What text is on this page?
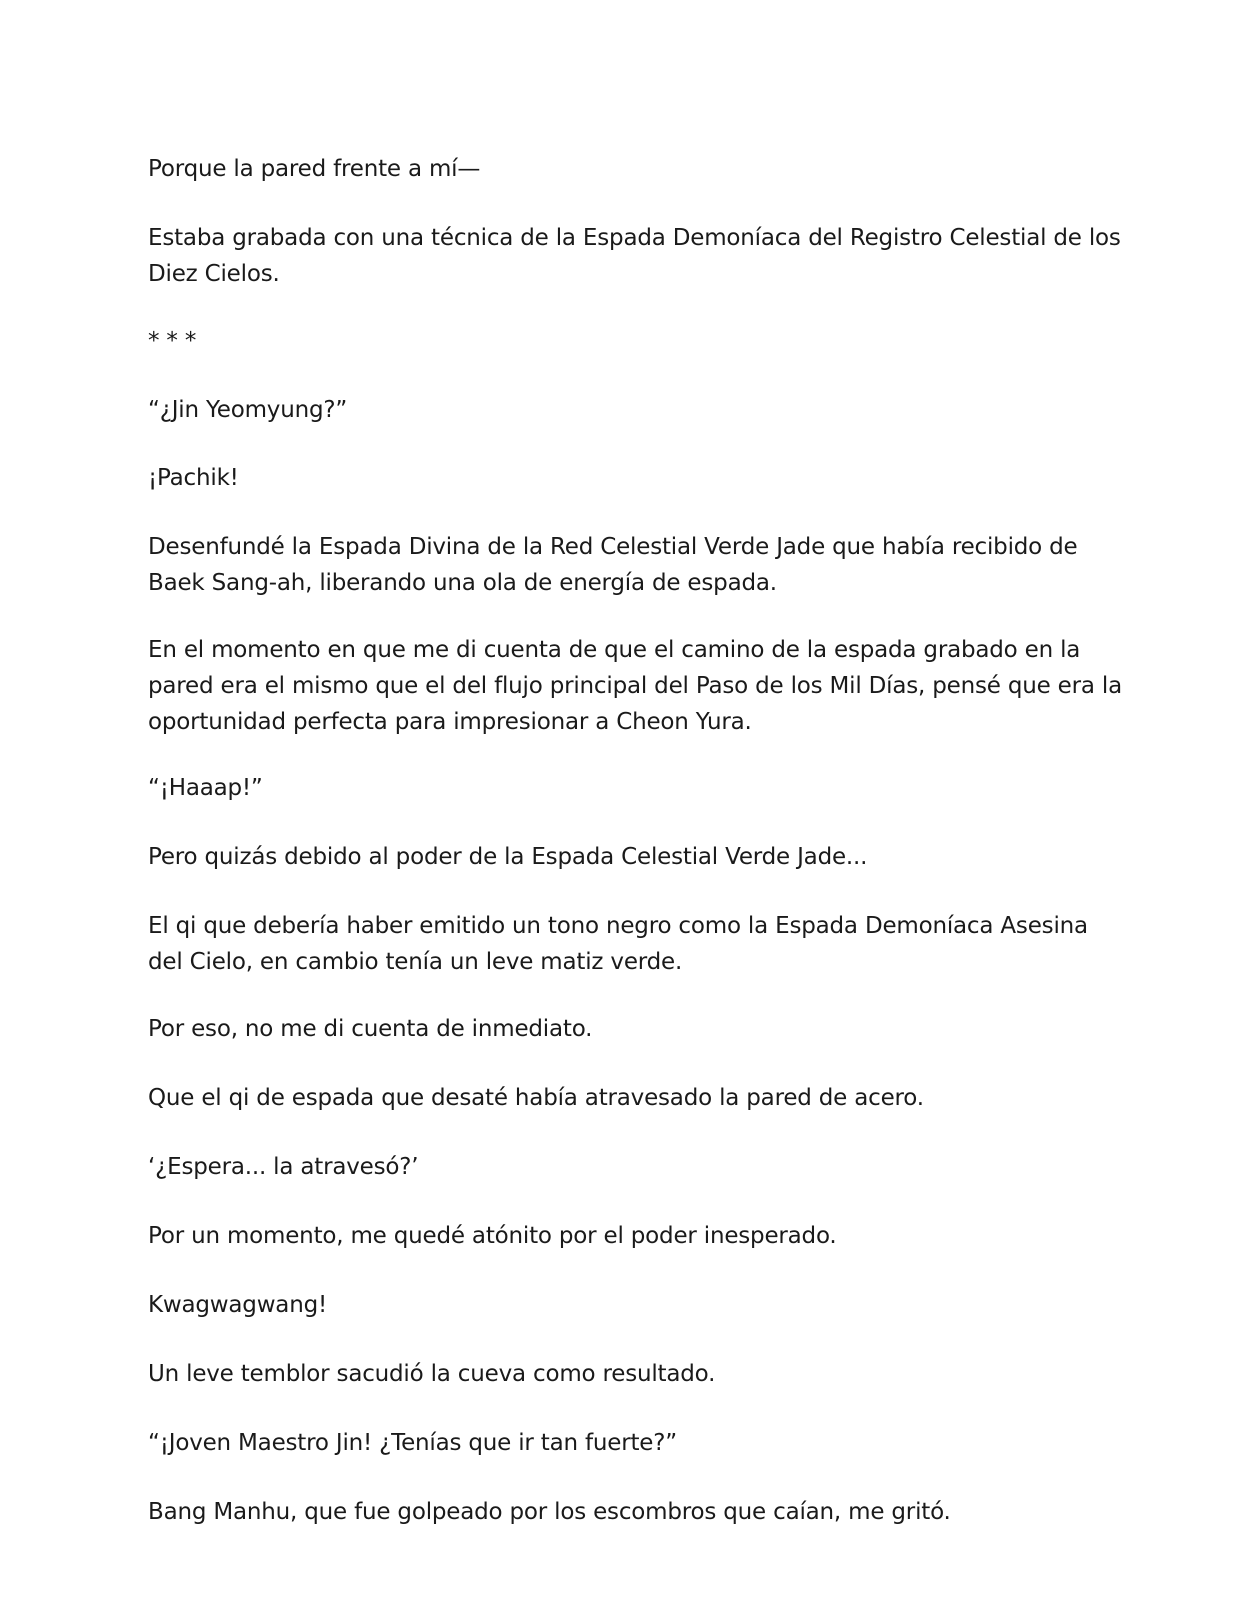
Porque la pared frente a mí—

Estaba grabada con una técnica de la Espada Demoníaca del Registro Celestial de los Diez Cielos.

* * *

“¿Jin Yeomyung?”

¡Pachik!

Desenfundé la Espada Divina de la Red Celestial Verde Jade que había recibido de Baek Sang-ah, liberando una ola de energía de espada.

En el momento en que me di cuenta de que el camino de la espada grabado en la pared era el mismo que el del flujo principal del Paso de los Mil Días, pensé que era la oportunidad perfecta para impresionar a Cheon Yura.

“¡Haaap!”

Pero quizás debido al poder de la Espada Celestial Verde Jade...

El qi que debería haber emitido un tono negro como la Espada Demoníaca Asesina del Cielo, en cambio tenía un leve matiz verde.

Por eso, no me di cuenta de inmediato.

Que el qi de espada que desaté había atravesado la pared de acero.

‘¿Espera... la atravesó?’

Por un momento, me quedé atónito por el poder inesperado.

Kwagwagwang!

Un leve temblor sacudió la cueva como resultado.

“¡Joven Maestro Jin! ¿Tenías que ir tan fuerte?”

Bang Manhu, que fue golpeado por los escombros que caían, me gritó.
